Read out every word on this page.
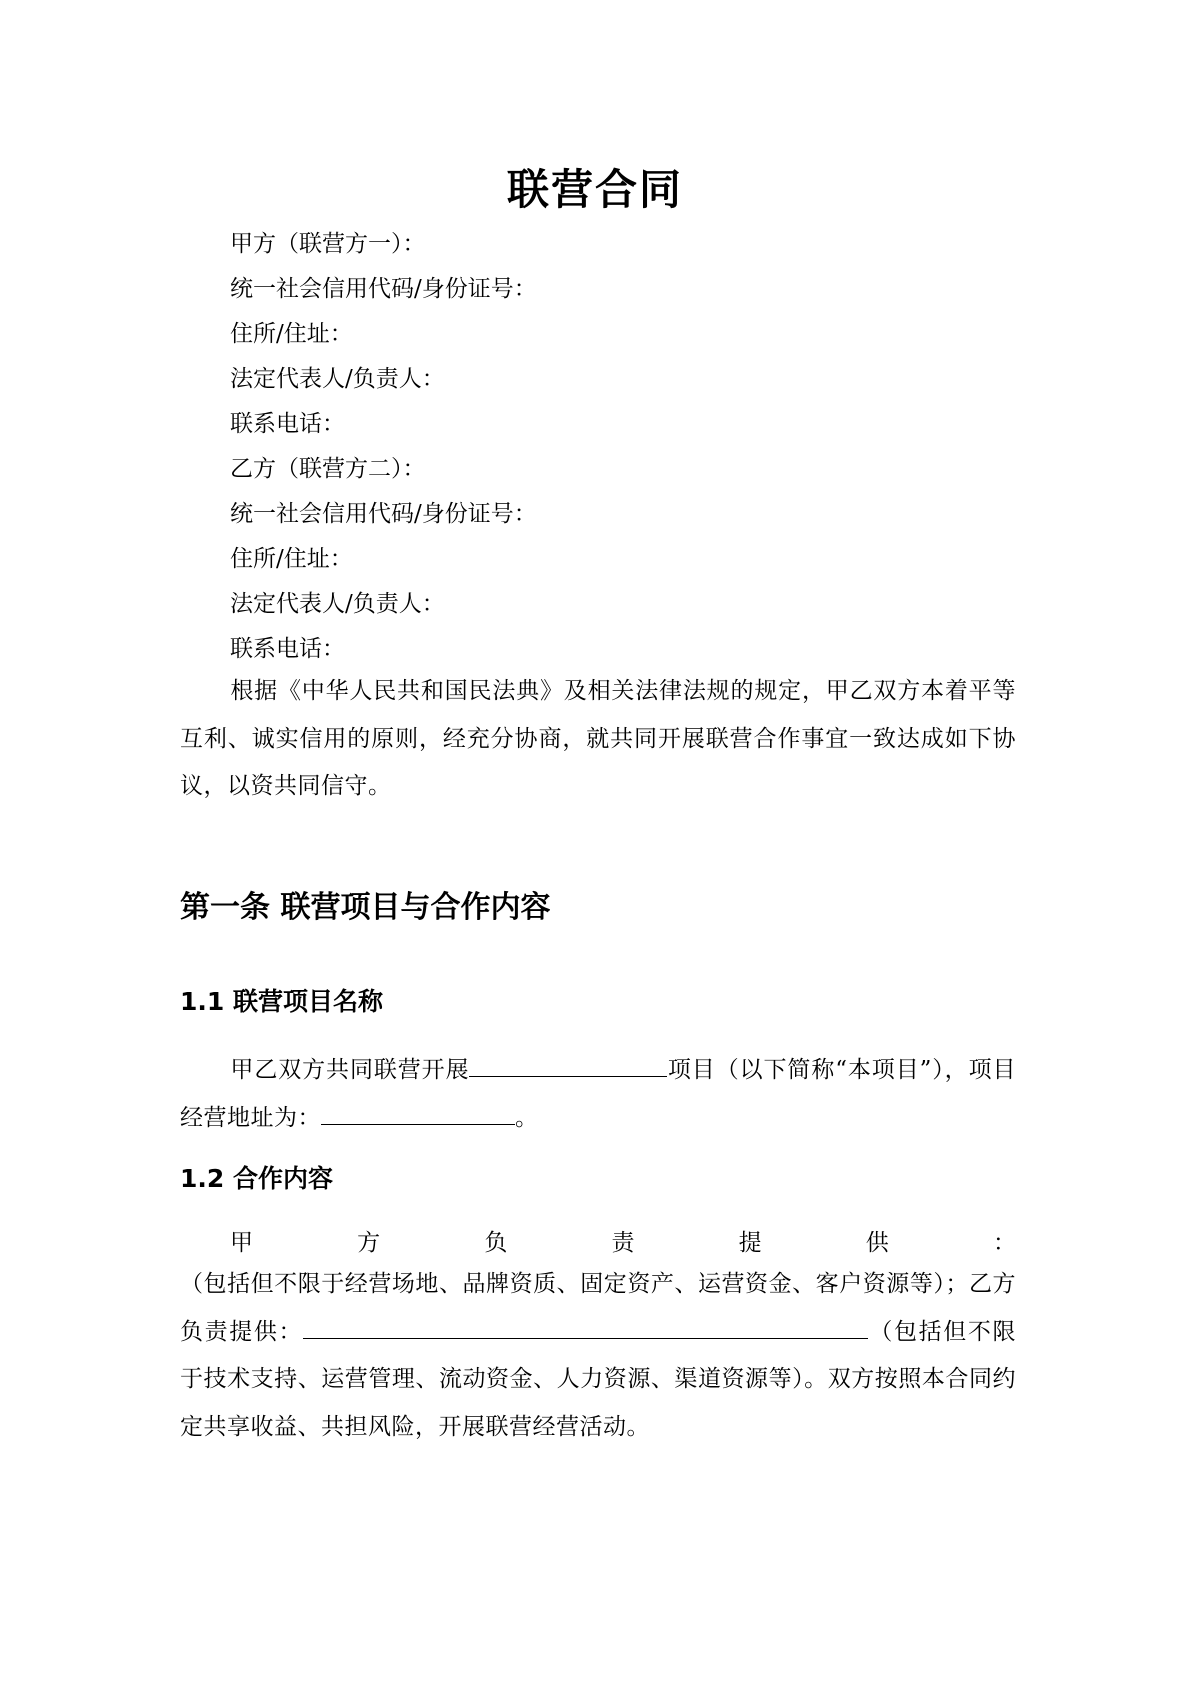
联营合同
甲方（联营方一）：
统一社会信用代码/身份证号：
住所/住址：
法定代表人/负责人：
联系电话：
乙方（联营方二）：
统一社会信用代码/身份证号：
住所/住址：
法定代表人/负责人：
联系电话：

根据《中华人民共和国民法典》及相关法律法规的规定，甲乙双方本着平等互利、诚实信用的原则，经充分协商，就共同开展联营合作事宜一致达成如下协议，以资共同信守。

第一条 联营项目与合作内容
1.1 联营项目名称

甲乙双方共同联营开展	项目（以下简称“本项目”），项目经营地址为：	。

1.2 合作内容
甲	方	负	责	提	供	：

（包括但不限于经营场地、品牌资质、固定资产、运营资金、客户资源等）；乙方负责提供：	（包括但不限于技术支持、运营管理、流动资金、人力资源、渠道资源等）。双方按照本合同约定共享收益、共担风险，开展联营经营活动。
